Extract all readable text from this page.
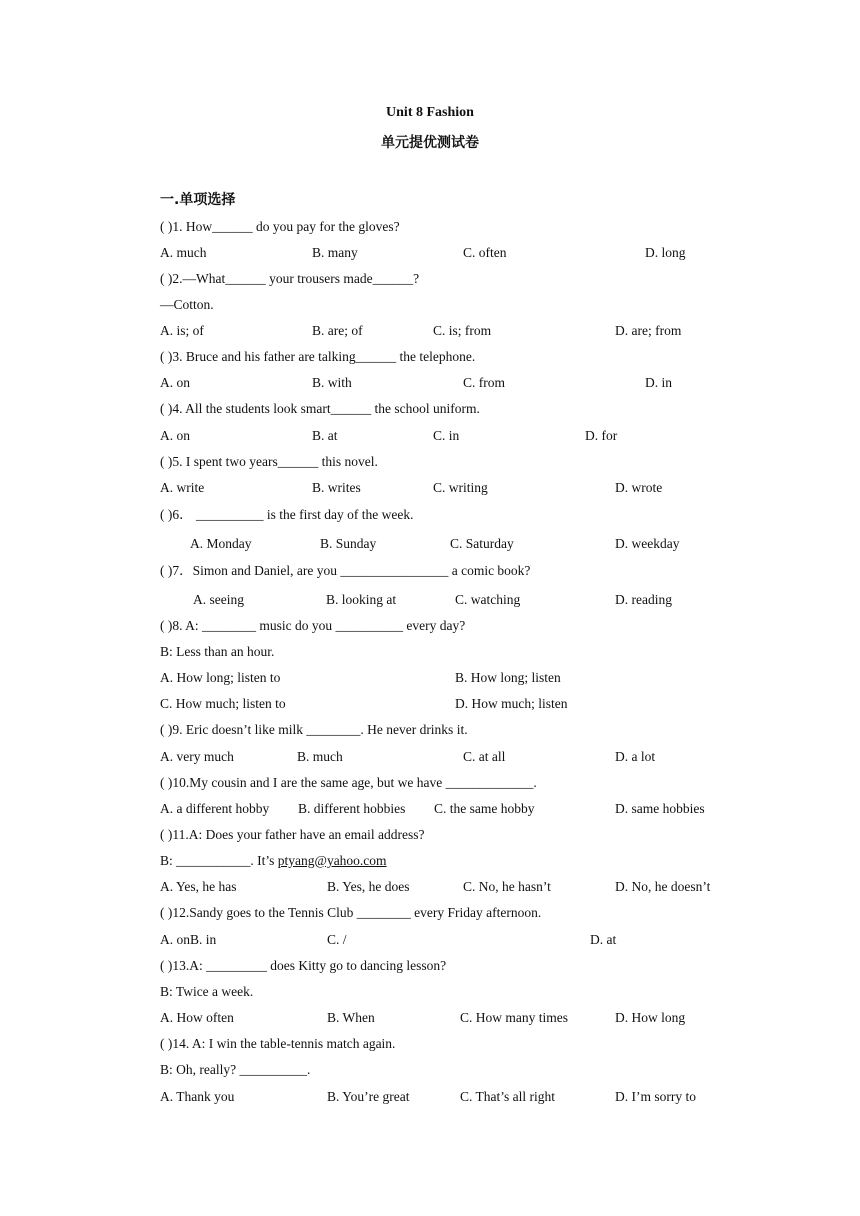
Unit 8 Fashion
单元提优测试卷
一.单项选择
( )1. How______ do you pay for the gloves?
A. much	B. many	C. often	D. long
( )2.—What______ your trousers made______?
—Cotton.
A. is; of	B. are; of	C. is; from	D. are; from
( )3. Bruce and his father are talking______ the telephone.
A. on	B. with	C. from	D. in
( )4. All the students look smart______ the school uniform.
A. on	B. at	C. in	D. for
( )5. I spent two years______ this novel.
A. write	B. writes	C. writing	D. wrote
( )6． __________ is the first day of the week.
A. Monday	B. Sunday	C. Saturday	D. weekday
( )7．Simon and Daniel, are you ________________ a comic book?
A. seeing	B. looking at	C. watching	D. reading
( )8. A: ________ music do you __________ every day?
B: Less than an hour.
A. How long; listen to	B. How long; listen
C. How much; listen to	D. How much; listen
( )9. Eric doesn’t like milk ________. He never drinks it.
A. very much	B. much	C. at all	D. a lot
( )10.My cousin and I are the same age, but we have _____________.
A. a different hobby B. different hobbies C. the same hobby	D. same hobbies
( )11.A: Does your father have an email address?
B: ___________. It’s ptyang@yahoo.com
A. Yes, he has	B. Yes, he does	C. No, he hasn’t	D. No, he doesn’t
( )12.Sandy goes to the Tennis Club ________ every Friday afternoon.
A. onB. in	C. /	D. at
( )13.A: _________ does Kitty go to dancing lesson?
B: Twice a week.
A. How often	B. When	C. How many times	D. How long
( )14. A: I win the table-tennis match again.
B: Oh, really? __________.
A. Thank you	B. You’re great	C. That’s all right	D. I’m sorry to
